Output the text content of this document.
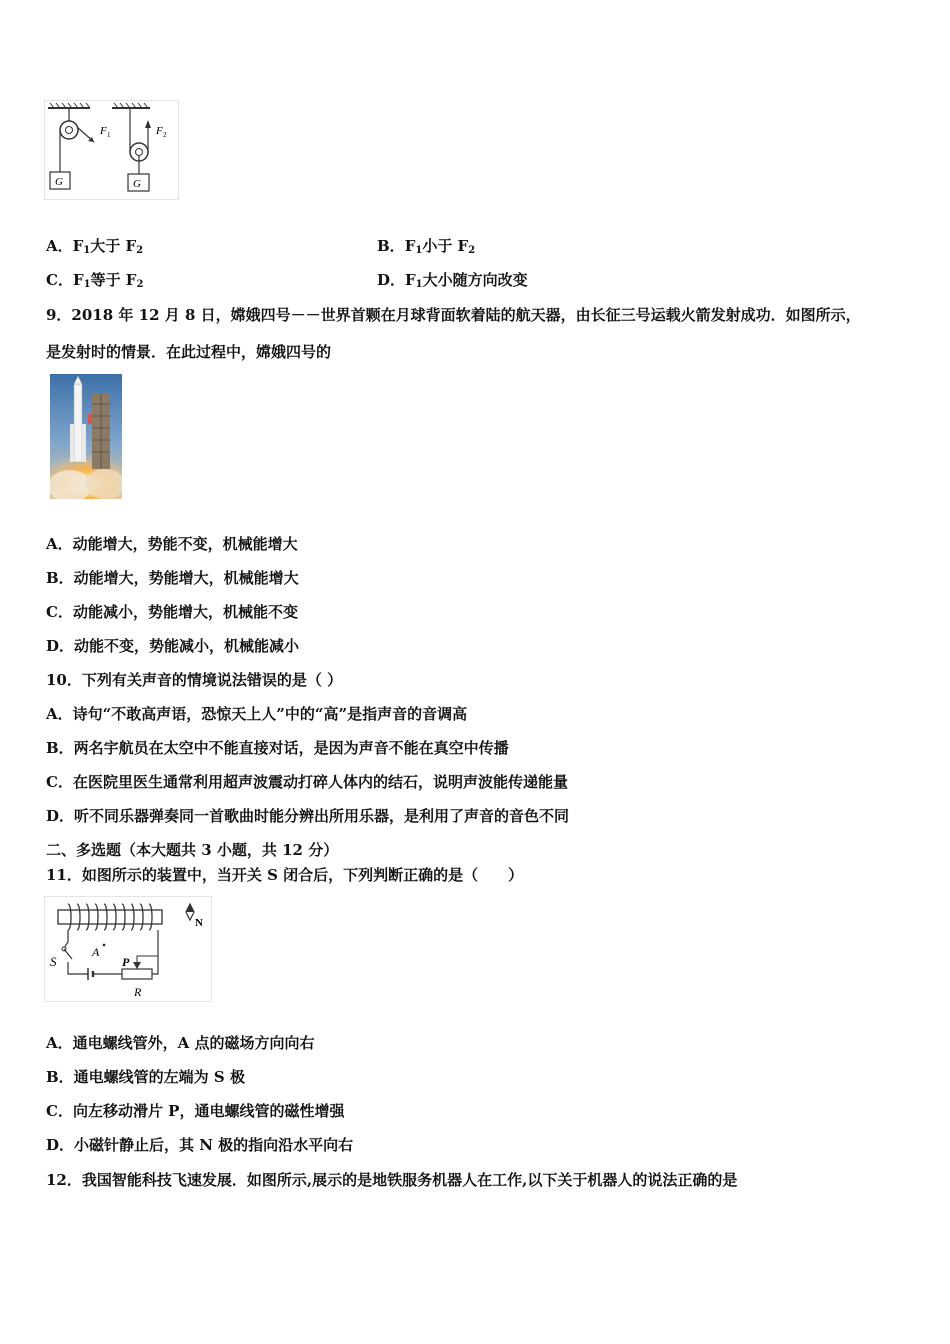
G
F 1
G
F 2
A．$F_1$大于 $F_2$	B．$F_1$小于 $F_2$
C．$F_1$等于 $F_2$	D．$F_1$大小随方向改变
9．2018 年 12 月 8 日，嫦娥四号－－世界首颗在月球背面软着陆的航天器，由长征三号运载火箭发射成功．如图所示，
是发射时的情景．在此过程中，嫦娥四号的
A．动能增大，势能不变，机械能增大
B．动能增大，势能增大，机械能增大
C．动能减小，势能增大，机械能不变
D．动能不变，势能减小，机械能减小
10．下列有关声音的情境说法错误的是（ ）
A．诗句“不敢高声语，恐惊天上人”中的“高”是指声音的音调高
B．两名宇航员在太空中不能直接对话，是因为声音不能在真空中传播
C．在医院里医生通常利用超声波震动打碎人体内的结石，说明声波能传递能量
D．听不同乐器弹奏同一首歌曲时能分辨出所用乐器，是利用了声音的音色不同
二、多选题（本大题共 3 小题，共 12 分）
11．如图所示的装置中，当开关 S 闭合后，下列判断正确的是（　　）
S
A
P
R
N
A．通电螺线管外，A 点的磁场方向向右
B．通电螺线管的左端为 S 极
C．向左移动滑片 P，通电螺线管的磁性增强
D．小磁针静止后，其 N 极的指向沿水平向右
12．我国智能科技飞速发展．如图所示,展示的是地铁服务机器人在工作,以下关于机器人的说法正确的是
